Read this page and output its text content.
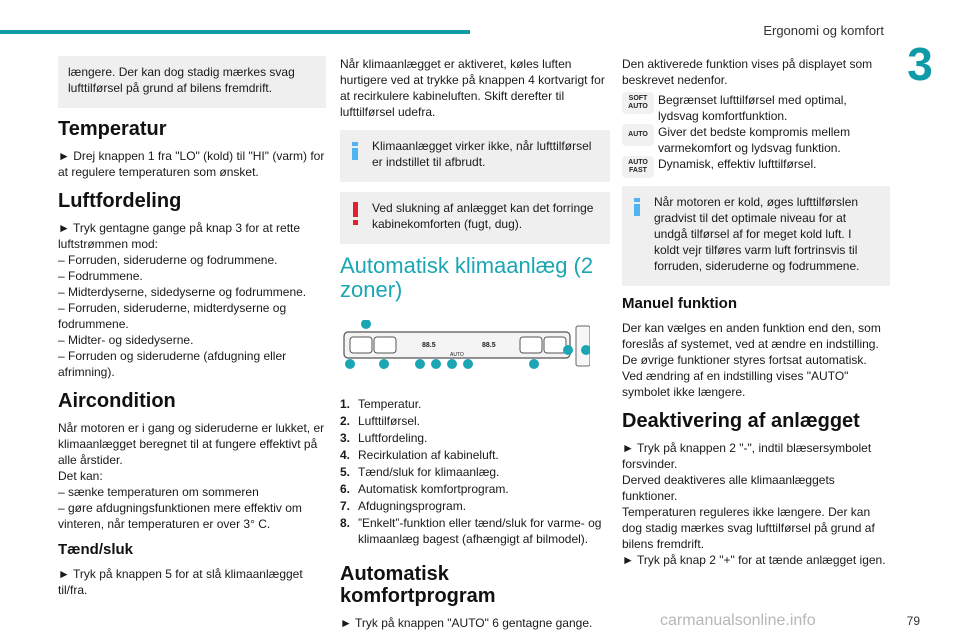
Ergonomi og komfort
3

længere. Der kan dog stadig mærkes svag lufttilførsel på grund af bilens fremdrift.

Temperatur

► Drej knappen 1 fra "LO" (kold) til "HI" (varm) for at regulere temperaturen som ønsket.

Luftfordeling
► Tryk gentagne gange på knap 3 for at rette luftstrømmen mod:
– Forruden, sideruderne og fodrummene.
– Fodrummene.
– Midterdyserne, sidedyserne og fodrummene.
– Forruden, sideruderne, midterdyserne og fodrummene.
– Midter- og sidedyserne.
– Forruden og sideruderne (afdugning eller afrimning).
Aircondition
Når motoren er i gang og sideruderne er lukket, er klimaanlægget beregnet til at fungere effektivt på alle årstider.
Det kan:
– sænke temperaturen om sommeren
– gøre afdugningsfunktionen mere effektiv om vinteren, når temperaturen er over 3° C.
Tænd/sluk

► Tryk på knappen 5 for at slå klimaanlægget til/fra.

Når klimaanlægget er aktiveret, køles luften hurtigere ved at trykke på knappen 4 kortvarigt for at recirkulere kabineluften. Skift derefter til lufttilførsel udefra.

Klimaanlægget virker ikke, når lufttilførsel er indstillet til afbrudt.

Ved slukning af anlægget kan det forringe kabinekomforten (fugt, dug).

Automatisk klimaanlæg (2 zoner)
88.5	88.5
AUTO
1. Temperatur.
2. Lufttilførsel.
3. Luftfordeling.
4. Recirkulation af kabineluft.
5. Tænd/sluk for klimaanlæg.
6. Automatisk komfortprogram.
7. Afdugningsprogram.
8. ”Enkelt”-funktion eller tænd/sluk for varme- og klimaanlæg bagest (afhængigt af bilmodel).
Automatisk komfortprogram

► Tryk på knappen "AUTO" 6 gentagne gange.

Den aktiverede funktion vises på displayet som beskrevet nedenfor.

SOFT AUTO Begrænset lufttilførsel med optimal, lydsvag komfortfunktion.
AUTO Giver det bedste kompromis mellem varmekomfort og lydsvag funktion.
AUTO FAST Dynamisk, effektiv lufttilførsel.

Når motoren er kold, øges lufttilførslen gradvist til det optimale niveau for at undgå tilførsel af for meget kold luft. I koldt vejr tilføres varm luft fortrinsvis til forruden, sideruderne og fodrummene.

Manuel funktion

Der kan vælges en anden funktion end den, som foreslås af systemet, ved at ændre en indstilling. De øvrige funktioner styres fortsat automatisk. Ved ændring af en indstilling vises "AUTO" symbolet ikke længere.

Deaktivering af anlægget
► Tryk på knappen 2 "-", indtil blæsersymbolet forsvinder.
Derved deaktiveres alle klimaanlæggets funktioner.
Temperaturen reguleres ikke længere. Der kan dog stadig mærkes svag lufttilførsel på grund af bilens fremdrift.
► Tryk på knap 2 "+" for at tænde anlægget igen.
carmanualsonline.info	79
